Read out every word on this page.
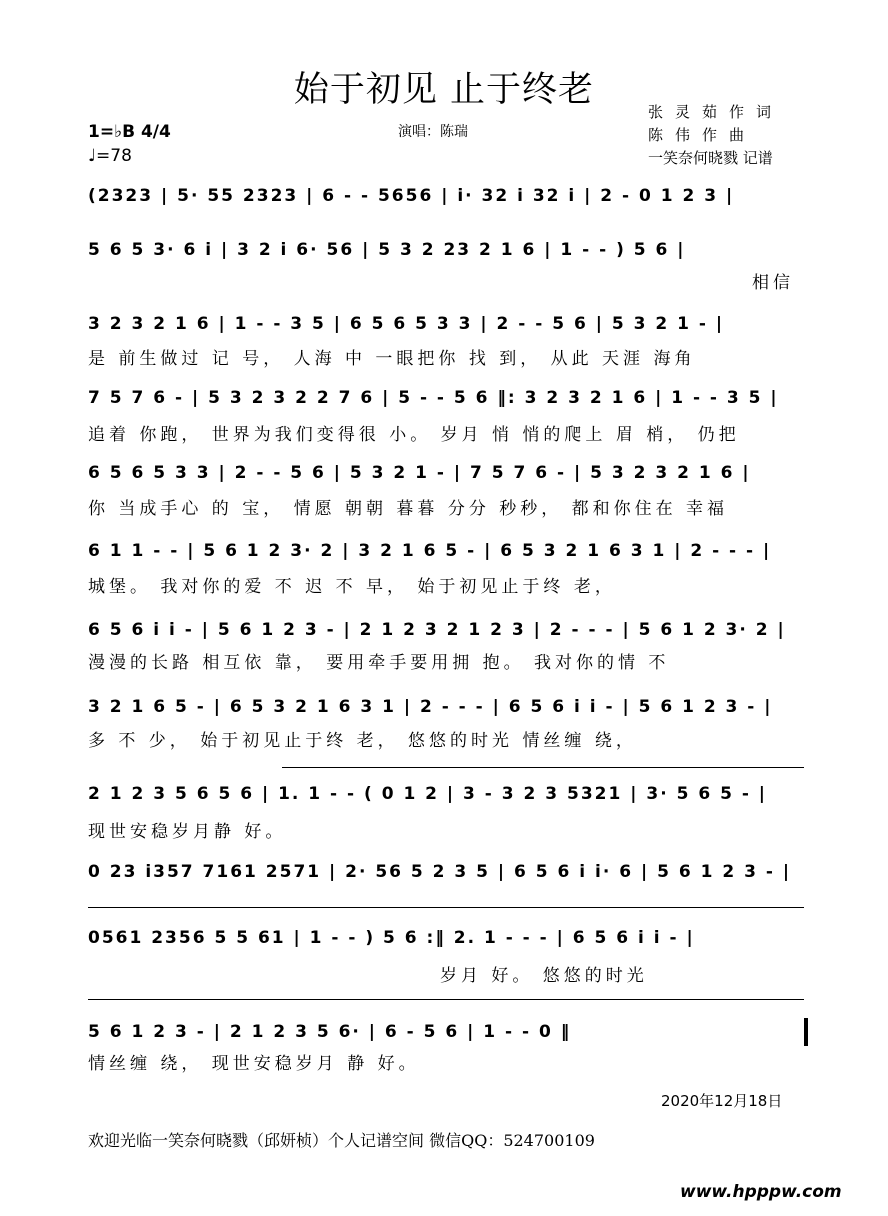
始于初见 止于终老
张灵茹作词
陈伟作曲
一笑奈何晓戮 记谱
1=♭B 4/4
♩=78
演唱：陈瑞
(2323 | 5· 55 2323 | 6 - - 5656 | i· 32 i 32 i | 2 - 0 1 2 3 |
5 6 5 3· 6 i | 3 2 i 6· 56 | 5 3 2 23 2 1 6 | 1 - - ) 5 6 |
相信
3 2 3 2 1 6 | 1 - - 3 5 | 6 5 6 5 3 3 | 2 - - 5 6 | 5 3 2 1 - |
是 前生做过 记 号， 人海 中 一眼把你 找 到， 从此 天涯 海角
7 5 7 6 - | 5 3 2 3 2 2 7 6 | 5 - - 5 6 ‖: 3 2 3 2 1 6 | 1 - - 3 5 |
追着 你跑， 世界为我们变得很 小。 岁月 悄 悄的爬上 眉 梢， 仍把
6 5 6 5 3 3 | 2 - - 5 6 | 5 3 2 1 - | 7 5 7 6 - | 5 3 2 3 2 1 6 |
你 当成手心 的 宝， 情愿 朝朝 暮暮 分分 秒秒， 都和你住在 幸福
6 1 1 - - | 5 6 1 2 3· 2 | 3 2 1 6 5 - | 6 5 3 2 1 6 3 1 | 2 - - - |
城堡。 我对你的爱 不 迟 不 早， 始于初见止于终 老，
6 5 6 i i - | 5 6 1 2 3 - | 2 1 2 3 2 1 2 3 | 2 - - - | 5 6 1 2 3· 2 |
漫漫的长路 相互依 靠， 要用牵手要用拥 抱。 我对你的情 不
3 2 1 6 5 - | 6 5 3 2 1 6 3 1 | 2 - - - | 6 5 6 i i - | 5 6 1 2 3 - |
多 不 少， 始于初见止于终 老， 悠悠的时光 情丝缠 绕，
2 1 2 3 5 6 5 6 | 1. 1 - - ( 0 1 2 | 3 - 3 2 3 5321 | 3· 5 6 5 - |
现世安稳岁月静 好。
0 23 i357 7161 2571 | 2· 56 5 2 3 5 | 6 5 6 i i· 6 | 5 6 1 2 3 - |
0561 2356 5 5 61 | 1 - - ) 5 6 :‖ 2. 1 - - - | 6 5 6 i i - |
岁月 好。 悠悠的时光
5 6 1 2 3 - | 2 1 2 3 5 6· | 6 - 5 6 | 1 - - 0 ‖
情丝缠 绕， 现世安稳岁月 静 好。
2020年12月18日
欢迎光临一笑奈何晓戮（邱妍桢）个人记谱空间 微信QQ：524700109
www.hpppw.com
